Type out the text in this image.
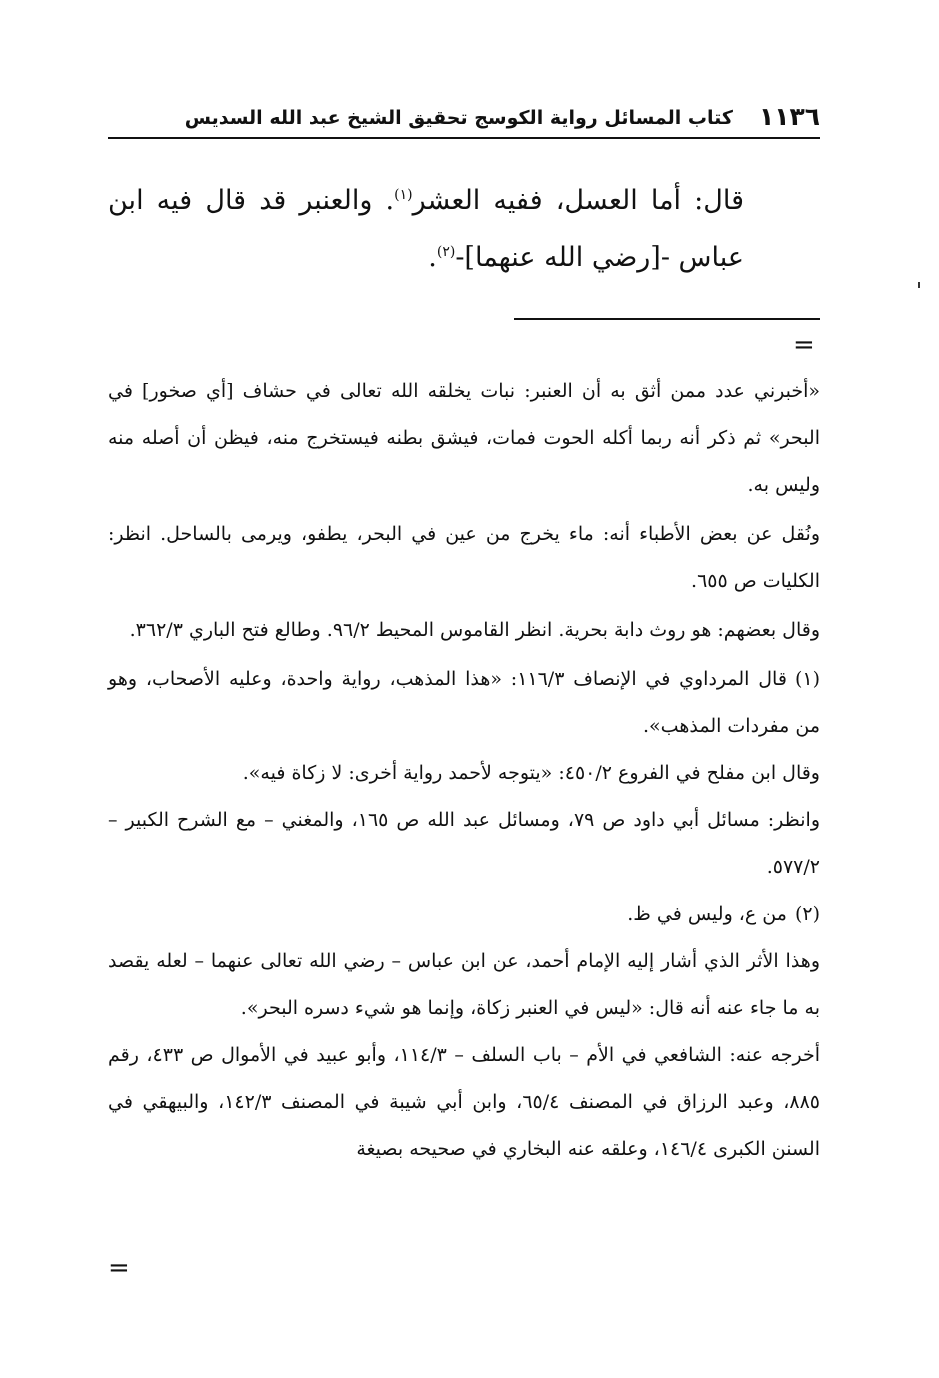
١١٣٦
كتاب المسائل رواية الكوسج تحقيق الشيخ عبد الله السديس

قال: أما العسل، ففيه العشر$^{(١)}$. والعنبر قد قال فيه ابن عباس -[رضي الله عنهما]-$^{(٢)}$.

=

«أخبرني عدد ممن أثق به أن العنبر: نبات يخلقه الله تعالى في حشاف [أي صخور] في البحر» ثم ذكر أنه ربما أكله الحوت فمات، فيشق بطنه فيستخرج منه، فيظن أن أصله منه وليس به.

ونُقل عن بعض الأطباء أنه: ماء يخرج من عين في البحر، يطفو، ويرمى بالساحل. انظر: الكليات ص ٦٥٥.

وقال بعضهم: هو روث دابة بحرية. انظر القاموس المحيط ٩٦/٢. وطالع فتح الباري ٣٦٢/٣.

(١)قال المرداوي في الإنصاف ١١٦/٣: «هذا المذهب، رواية واحدة، وعليه الأصحاب، وهو من مفردات المذهب».

وقال ابن مفلح في الفروع ٤٥٠/٢: «يتوجه لأحمد رواية أخرى: لا زكاة فيه».

وانظر: مسائل أبي داود ص ٧٩، ومسائل عبد الله ص ١٦٥، والمغني – مع الشرح الكبير – ٥٧٧/٢.

(٢)من ع، وليس في ظ.

وهذا الأثر الذي أشار إليه الإمام أحمد، عن ابن عباس – رضي الله تعالى عنهما – لعله يقصد به ما جاء عنه أنه قال: «ليس في العنبر زكاة، وإنما هو شيء دسره البحر».

أخرجه عنه: الشافعي في الأم – باب السلف – ١١٤/٣، وأبو عبيد في الأموال ص ٤٣٣، رقم ٨٨٥، وعبد الرزاق في المصنف ٦٥/٤، وابن أبي شيبة في المصنف ١٤٢/٣، والبيهقي في السنن الكبرى ١٤٦/٤، وعلقه عنه البخاري في صحيحه بصيغة

=
